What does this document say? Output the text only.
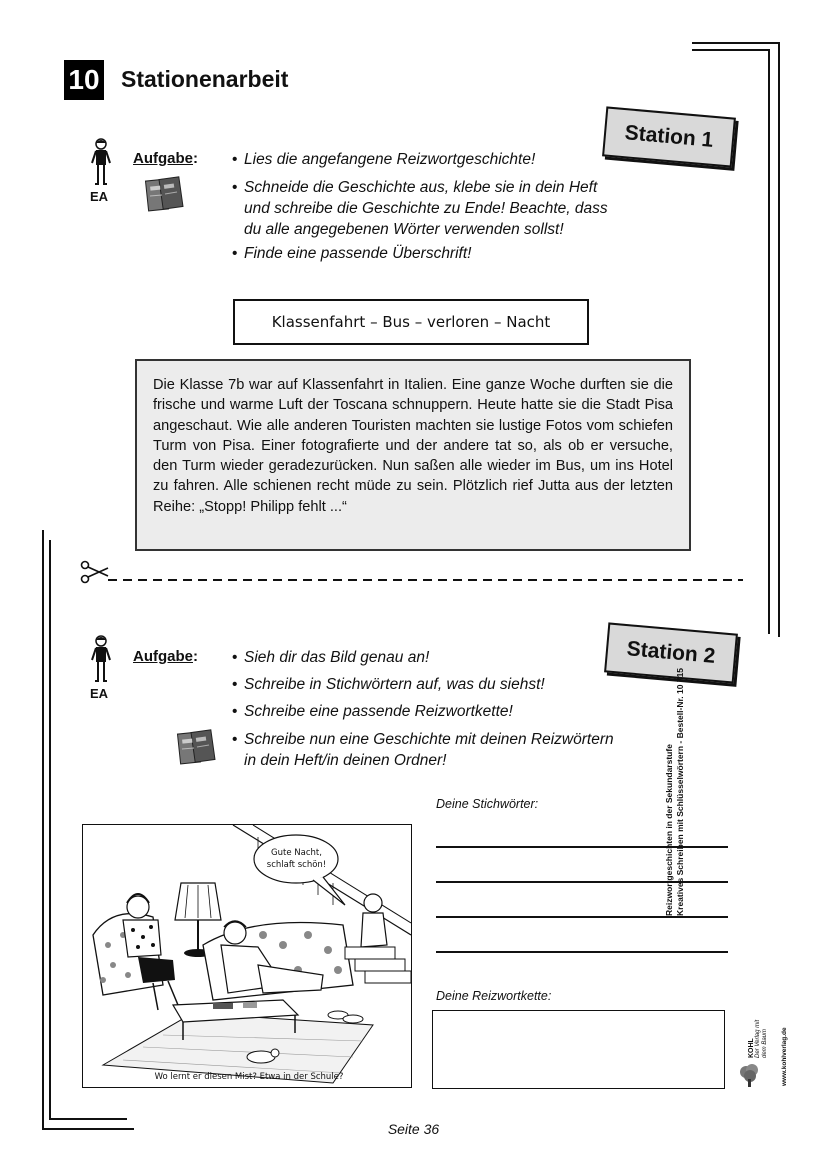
10 Stationenarbeit
Station 1
EA
Aufgabe: • Lies die angefangene Reizwortgeschichte!
• Schneide die Geschichte aus, klebe sie in dein Heft
und schreibe die Geschichte zu Ende! Beachte, dass
du alle angegebenen Wörter verwenden sollst!
• Finde eine passende Überschrift!
Klassenfahrt – Bus – verloren – Nacht
Die Klasse 7b war auf Klassenfahrt in Italien. Eine ganze Woche durften sie die frische und warme Luft der Toscana schnuppern. Heute hatte sie die Stadt Pisa angeschaut. Wie alle anderen Touristen machten sie lustige Fotos vom schiefen Turm von Pisa. Einer fotografierte und der andere tat so, als ob er versuche, den Turm wieder geradezurücken. Nun saßen alle wieder im Bus, um ins Hotel zu fahren. Alle schienen recht müde zu sein. Plötzlich rief Jutta aus der letzten Reihe: „Stopp! Philipp fehlt ...“
Station 2
EA
Aufgabe: • Sieh dir das Bild genau an!
• Schreibe in Stichwörtern auf, was du siehst!
• Schreibe eine passende Reizwortkette!
• Schreibe nun eine Geschichte mit deinen Reizwörtern
in dein Heft/in deinen Ordner!
Gute Nacht,
schlaft schön!
Wo lernt er diesen Mist? Etwa in der Schule?
Deine Stichwörter:
Deine Reizwortkette:
Reizwortgeschichten in der Sekundarstufe Kreatives Schreiben mit Schlüsselwörtern - Bestell-Nr. 10 715
KOHL Der Verlag mit dem Baum www.kohlverlag.de
Seite 36
